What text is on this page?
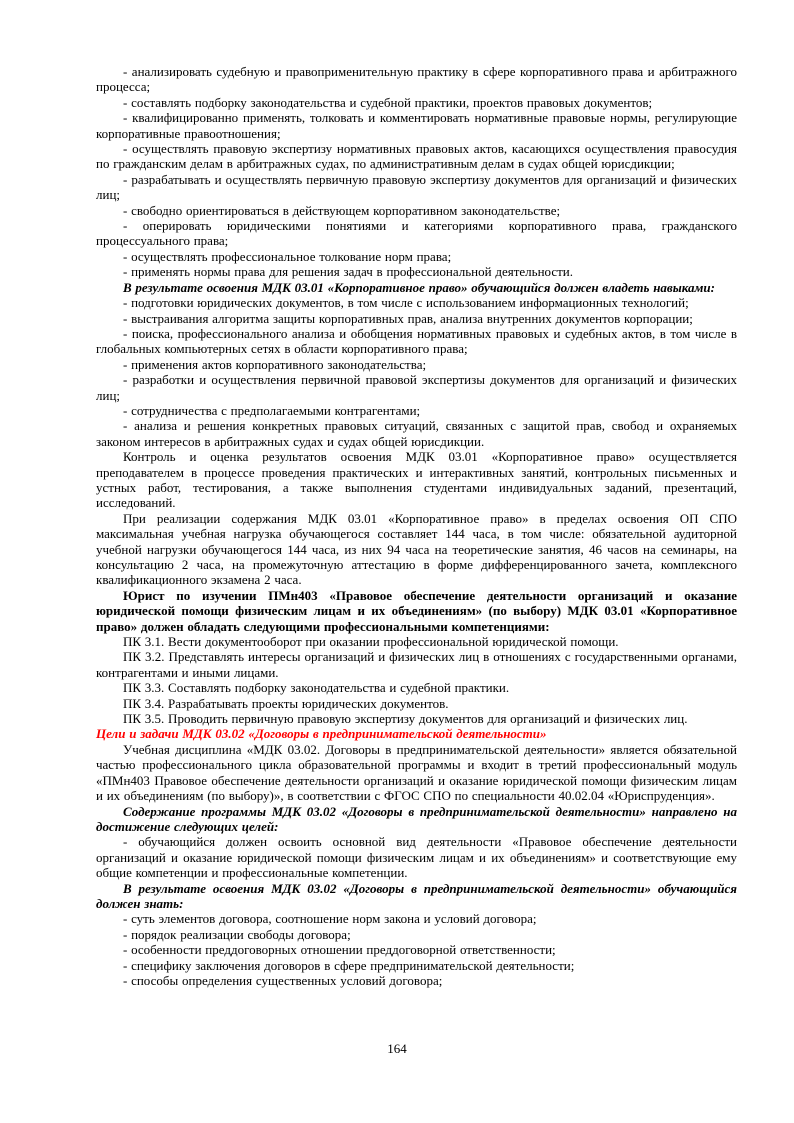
- анализировать судебную и правоприменительную практику в сфере корпоративного права и арбитражного процесса;

- составлять подборку законодательства и судебной практики, проектов правовых документов;

- квалифицированно применять, толковать и комментировать нормативные правовые нормы, регулирующие корпоративные правоотношения;

- осуществлять правовую экспертизу нормативных правовых актов, касающихся осуществления правосудия по гражданским делам в арбитражных судах, по административным делам в судах общей юрисдикции;

- разрабатывать и осуществлять первичную правовую экспертизу документов для организаций и физических лиц;

- свободно ориентироваться в действующем корпоративном законодательстве;

- оперировать юридическими понятиями и категориями корпоративного права, гражданского процессуального права;

- осуществлять профессиональное толкование норм права;

- применять нормы права для решения задач в профессиональной деятельности.

В результате освоения МДК 03.01 «Корпоративное право» обучающийся должен владеть навыками:

- подготовки юридических документов, в том числе с использованием информационных технологий;

- выстраивания алгоритма защиты корпоративных прав, анализа внутренних документов корпорации;

- поиска, профессионального анализа и обобщения нормативных правовых и судебных актов, в том числе в глобальных компьютерных сетях в области корпоративного права;

- применения актов корпоративного законодательства;

- разработки и осуществления первичной правовой экспертизы документов для организаций и физических лиц;

- сотрудничества с предполагаемыми контрагентами;

- анализа и решения конкретных правовых ситуаций, связанных с защитой прав, свобод и охраняемых законом интересов в арбитражных судах и судах общей юрисдикции.

Контроль и оценка результатов освоения МДК 03.01 «Корпоративное право» осуществляется преподавателем в процессе проведения практических и интерактивных занятий, контрольных письменных и устных работ, тестирования, а также выполнения студентами индивидуальных заданий, презентаций, исследований.

При реализации содержания МДК 03.01 «Корпоративное право» в пределах освоения ОП СПО максимальная учебная нагрузка обучающегося составляет 144 часа, в том числе: обязательной аудиторной учебной нагрузки обучающегося 144 часа, из них 94 часа на теоретические занятия, 46 часов на семинары, на консультацию 2 часа, на промежуточную аттестацию в форме дифференцированного зачета, комплексного квалификационного экзамена 2 часа.

Юрист по изучении ПМн403 «Правовое обеспечение деятельности организаций и оказание юридической помощи физическим лицам и их объединениям» (по выбору) МДК 03.01 «Корпоративное право» должен обладать следующими профессиональными компетенциями:

ПК 3.1. Вести документооборот при оказании профессиональной юридической помощи.

ПК 3.2. Представлять интересы организаций и физических лиц в отношениях с государственными органами, контрагентами и иными лицами.

ПК 3.3. Составлять подборку законодательства и судебной практики.

ПК 3.4. Разрабатывать проекты юридических документов.

ПК 3.5. Проводить первичную правовую экспертизу документов для организаций и физических лиц.

Цели и задачи МДК 03.02 «Договоры в предпринимательской деятельности»

Учебная дисциплина «МДК 03.02. Договоры в предпринимательской деятельности» является обязательной частью профессионального цикла образовательной программы и входит в третий профессиональный модуль «ПМн403 Правовое обеспечение деятельности организаций и оказание юридической помощи физическим лицам и их объединениям (по выбору)», в соответствии с ФГОС СПО по специальности 40.02.04 «Юриспруденция».

Содержание программы МДК 03.02 «Договоры в предпринимательской деятельности» направлено на достижение следующих целей:

- обучающийся должен освоить основной вид деятельности «Правовое обеспечение деятельности организаций и оказание юридической помощи физическим лицам и их объединениям» и соответствующие ему общие компетенции и профессиональные компетенции.

В результате освоения МДК 03.02 «Договоры в предпринимательской деятельности» обучающийся должен знать:

- суть элементов договора, соотношение норм закона и условий договора;

- порядок реализации свободы договора;

- особенности преддоговорных отношении преддоговорной ответственности;

- специфику заключения договоров в сфере предпринимательской деятельности;

- способы определения существенных условий договора;

164
